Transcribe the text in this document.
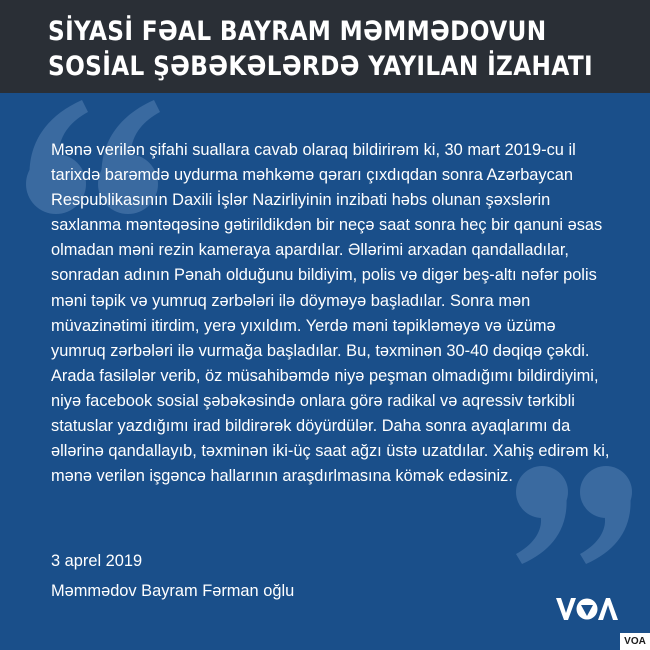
SİYASİ FƏAL BAYRAM MƏMMƏDOVUN
SOSİAL ŞƏBƏKƏLƏRDƏ YAYILAN İZAHATI
Mənə verilən şifahi suallara cavab olaraq bildirirəm ki, 30 mart 2019-cu il
tarixdə barəmdə uydurma məhkəmə qərarı çıxdıqdan sonra Azərbaycan
Respublikasının Daxili İşlər Nazirliyinin inzibati həbs olunan şəxslərin
saxlanma məntəqəsinə gətirildikdən bir neçə saat sonra heç bir qanuni əsas
olmadan məni rezin kameraya apardılar. Əllərimi arxadan qandalladılar,
sonradan adının Pənah olduğunu bildiyim, polis və digər beş-altı nəfər polis
məni təpik və yumruq zərbələri ilə döyməyə başladılar. Sonra mən
müvazinətimi itirdim, yerə yıxıldım. Yerdə məni təpikləməyə və üzümə
yumruq zərbələri ilə vurmağa başladılar. Bu, təxminən 30-40 dəqiqə çəkdi.
Arada fasilələr verib, öz müsahibəmdə niyə peşman olmadığımı bildirdiyimi,
niyə facebook sosial şəbəkəsində onlara görə radikal və aqressiv tərkibli
statuslar yazdığımı irad bildirərək döyürdülər. Daha sonra ayaqlarımı da
əllərinə qandallayıb, təxminən iki-üç saat ağzı üstə uzatdılar. Xahiş edirəm ki,
mənə verilən işgəncə hallarının araşdırlmasına kömək edəsiniz.
3 aprel 2019
Məmmədov Bayram Fərman oğlu
VOA
